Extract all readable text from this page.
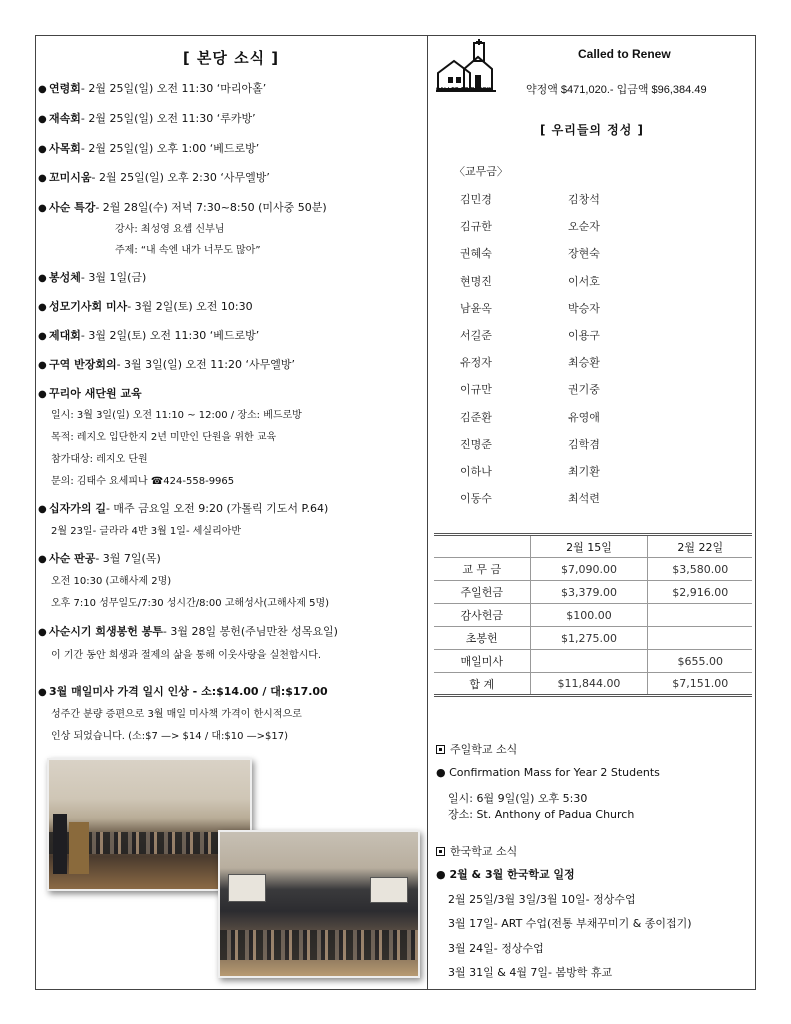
[ 본당 소식 ]
● 연령회- 2월 25일(일) 오전 11:30 ‘마리아홀’
● 재속회- 2월 25일(일) 오전 11:30 ‘루카방’
● 사목회- 2월 25일(일) 오후 1:00 ‘베드로방’
● 꼬미시움- 2월 25일(일) 오후 2:30 ‘사무엘방’
● 사순 특강- 2월 28일(수) 저녁 7:30~8:50 (미사중 50분)
강사: 최성영 요셉 신부님
주제: “내 속엔 내가 너무도 많아”
● 봉성체- 3월 1일(금)
● 성모기사회 미사- 3월 2일(토) 오전 10:30
● 제대회- 3월 2일(토) 오전 11:30 ‘베드로방’
● 구역 반장회의- 3월 3일(일) 오전 11:20 ‘사무엘방’
● 꾸리아 새단원 교육
일시: 3월 3일(일) 오전 11:10 ~ 12:00 / 장소: 베드로방
목적: 레지오 입단한지 2년 미만인 단원을 위한 교육
참가대상: 레지오 단원
문의: 김태수 요세피나 ☎424-558-9965
● 십자가의 길- 매주 금요일 오전 9:20 (가톨릭 기도서 P.64)
2월 23일- 글라라 4반 3월 1일- 세실리아반
● 사순 판공- 3월 7일(목)
오전 10:30 (고해사제 2명)
오후 7:10 성무일도/7:30 성시간/8:00 고해성사(고해사제 5명)
● 사순시기 희생봉헌 봉투- 3월 28일 봉헌(주님만찬 성목요일)
이 기간 동안 희생과 절제의 삶을 통해 이웃사랑을 실천합시다.
● 3월 매일미사 가격 일시 인상 - 소:$14.00 / 대:$17.00
성주간 분량 증편으로 3월 매일 미사책 가격이 한시적으로
인상 되었습니다. (소:$7 —> $14 / 대:$10 —>$17)
CALLED TO RENEW
Called to Renew
약정액 $471,020.- 입금액 $96,384.49
[ 우리들의 정성 ]
〈교무금〉
김민경	김창석
김규한	오순자
권혜숙	장현숙
현명진	이서호
남윤옥	박승자
서길준	이용구
유정자	최승환
이규만	권기중
김준환	유영애
진명준	김학겸
이하나	최기환
이동수	최석련
	2월 15일	2월 22일
교 무 금	$7,090.00	$3,580.00
주일헌금	$3,379.00	$2,916.00
감사헌금	$100.00	
초봉헌	$1,275.00	
매일미사		$655.00
합 계	$11,844.00	$7,151.00
주일학교 소식
● Confirmation Mass for Year 2 Students
일시: 6월 9일(일) 오후 5:30
장소: St. Anthony of Padua Church
한국학교 소식
● 2월 & 3월 한국학교 일정
2월 25일/3월 3일/3월 10일- 정상수업
3월 17일- ART 수업(전통 부채꾸미기 & 종이접기)
3월 24일- 정상수업
3월 31일 & 4월 7일- 봄방학 휴교
